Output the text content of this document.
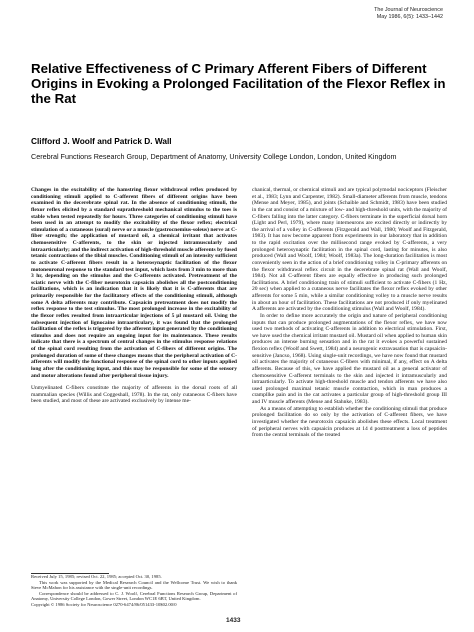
The Journal of Neuroscience
May 1986, 6(5): 1433–1442
Relative Effectiveness of C Primary Afferent Fibers of Different Origins in Evoking a Prolonged Facilitation of the Flexor Reflex in the Rat

Clifford J. Woolf and Patrick D. Wall

Cerebral Functions Research Group, Department of Anatomy, University College London, London, United Kingdom

Changes in the excitability of the hamstring flexor withdrawal reflex produced by conditioning stimuli applied to C-afferent fibers of different origins have been examined in the decerebrate spinal rat. In the absence of conditioning stimuli, the flexor reflex elicited by a standard suprathreshold mechanical stimulus to the toes is stable when tested repeatedly for hours. Three categories of conditioning stimuli have been used in an attempt to modify the excitability of the flexor reflex; electrical stimulation of a cutaneous (sural) nerve or a muscle (gastrocnemius-soleus) nerve at C-fiber strength; the application of mustard oil, a chemical irritant that activates chemosensitive C-afferents, to the skin or injected intramuscularly and intraarticularly; and the indirect activation of high-threshold muscle afferents by fused tetanic contractions of the tibial muscles. Conditioning stimuli of an intensity sufficient to activate C-afferent fibers result in a heterosynaptic facilitation of the flexor motoneuronal response to the standard test input, which lasts from 3 min to more than 3 hr, depending on the stimulus and the C-afferents activated. Pretreatment of the sciatic nerve with the C-fiber neurotoxin capsaicin abolishes all the postconditioning facilitations, which is an indication that it is likely that it is C-afferents that are primarily responsible for the facilitatory effects of the conditioning stimuli, although some A delta afferents may contribute. Capsaicin pretreatment does not modify the reflex response to the test stimulus. The most prolonged increase in the excitability of the flexor reflex resulted from intraarticular injections of 5 µl mustard oil. Using the subsequent injection of lignocaine intraarticulary, it was found that the prolonged facilitation of the reflex is triggered by the afferent input generated by the conditioning stimulus and does not require an ongoing input for its maintenance. These results indicate that there is a spectrum of central changes in the stimulus response relations of the spinal cord resulting from the activation of C-fibers of different origins. The prolonged duration of some of these changes means that the peripheral activation of C-afferents will modify the functional response of the spinal cord to other inputs applied long after the conditioning input, and this may be responsible for some of the sensory and motor alterations found after peripheral tissue injury.

Unmyelinated C-fibers constitute the majority of afferents in the dorsal roots of all mammalian species (Willis and Coggeshall, 1978). In the rat, only cutaneous C-fibers have been studied, and most of these are activated exclusively by intense me-

chanical, thermal, or chemical stimuli and are typical polymodal nociceptors (Fleischer et al., 1983; Lynn and Carpenter, 1982). Small-diameter afferents from muscle, tendons (Mense and Meyer, 1985), and joints (Schaible and Schmidt, 1983) have been studied in the cat and consist of a mixture of low- and high-threshold units, with the majority of C-fibers falling into the latter category. C-fibers terminate in the superficial dorsal horn (Light and Perl, 1979), where many interneurons are excited directly or indirectly by the arrival of a volley in C-afferents (Fitzgerald and Wall, 1980; Woolf and Fitzgerald, 1983). It has now become apparent from experiments in our laboratory that in addition to the rapid excitation over the millisecond range evoked by C-afferents, a very prolonged heterosynaptic facilitation in the spinal cord, lasting for minutes, is also produced (Wall and Woolf, 1984; Woolf, 1983a). The long-duration facilitation is most conveniently seen in the action of a brief conditioning volley in C-primary afferents on the flexor withdrawal reflex circuit in the decerebrate spinal rat (Wall and Woolf, 1984). Not all C-afferent fibers are equally effective in producing such prolonged facilitations. A brief conditioning train of stimuli sufficient to activate C-fibers (1 Hz, 20 sec) when applied to a cutaneous nerve facilitates the flexor reflex evoked by other afferents for some 5 min, while a similar conditioning volley to a muscle nerve results in about an hour of facilitation. These facilitations are not produced if only myelinated A afferents are activated by the conditioning stimulus (Wall and Woolf, 1984).

In order to define more accurately the origin and nature of peripheral conditioning inputs that can produce prolonged augmentations of the flexor reflex, we have now used two methods of activating C-afferents in addition to electrical stimulation. First, we have used the chemical irritant mustard oil. Mustard oil when applied to human skin produces an intense burning sensation and in the rat it evokes a powerful sustained flexion reflex (Woolf and Swett, 1984) and a neurogenic extravasation that is capsaicin-sensitive (Jancso, 1968). Using single-unit recordings, we have now found that mustard oil activates the majority of cutaneous C-fibers with minimal, if any, effect on A delta afferents. Because of this, we have applied the mustard oil as a general activator of chemosensitive C-afferent terminals to the skin and injected it intramuscularly and intraarticularly. To activate high-threshold muscle and tendon afferents we have also used prolonged maximal tetanic muscle contraction, which in man produces a crampllke pain and in the cat activates a particular group of high-threshold group III and IV muscle afferents (Mense and Stahnke, 1983).

As a means of attempting to establish whether the conditioning stimuli that produce prolonged facilitation do so only by the activation of C-afferent fibers, we have investigated whether the neurotoxin capsaicin abolishes these effects. Local treatment of peripheral nerves with capsaicin produces at 14 d posttreatment a loss of peptides from the central terminals of the treated

Received July 15, 1985; revised Oct. 22, 1985; accepted Oct. 30, 1985.

This work was supported by the Medical Research Council and the Wellcome Trust. We wish to thank Steve McMahon for his assistance with the single-unit recordings.

Correspondence should be addressed to C. J. Woolf, Cerebral Functions Research Group, Department of Anatomy, University College London, Gower Street, London WC1E 6BT, United Kingdom.

Copyright © 1986 Society for Neuroscience 0270-6474/86/051433-10$02.00/0

1433
